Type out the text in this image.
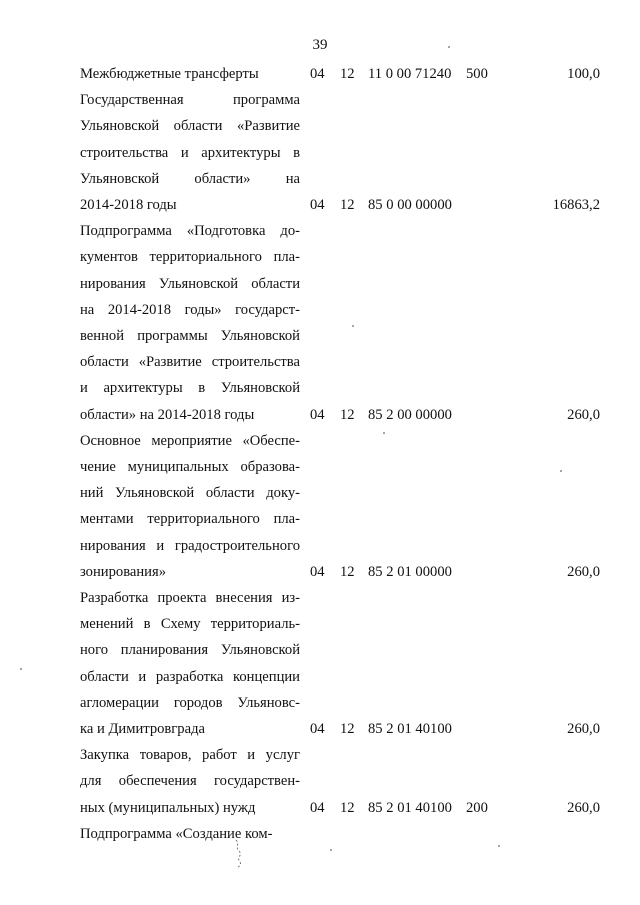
39
Межбюджетные трансферты	04 12 11 0 00 71240 500	100,0
Государственная программа
Ульяновской области «Развитие
строительства и архитектуры в
Ульяновской области» на
2014-2018 годы	04 12 85 0 00 00000	16863,2
Подпрограмма «Подготовка до-
кументов территориального пла-
нирования Ульяновской области
на 2014-2018 годы» государст-
венной программы Ульяновской
области «Развитие строительства
и архитектуры в Ульяновской
области» на 2014-2018 годы	04 12 85 2 00 00000	260,0
Основное мероприятие «Обеспе-
чение муниципальных образова-
ний Ульяновской области доку-
ментами территориального пла-
нирования и градостроительного
зонирования»	04 12 85 2 01 00000	260,0
Разработка проекта внесения из-
менений в Схему территориаль-
ного планирования Ульяновской
области и разработка концепции
агломерации городов Ульяновс-
ка и Димитровграда	04 12 85 2 01 40100	260,0
Закупка товаров, работ и услуг
для обеспечения государствен-
ных (муниципальных) нужд	04 12 85 2 01 40100 200	260,0
Подпрограмма «Создание ком-
